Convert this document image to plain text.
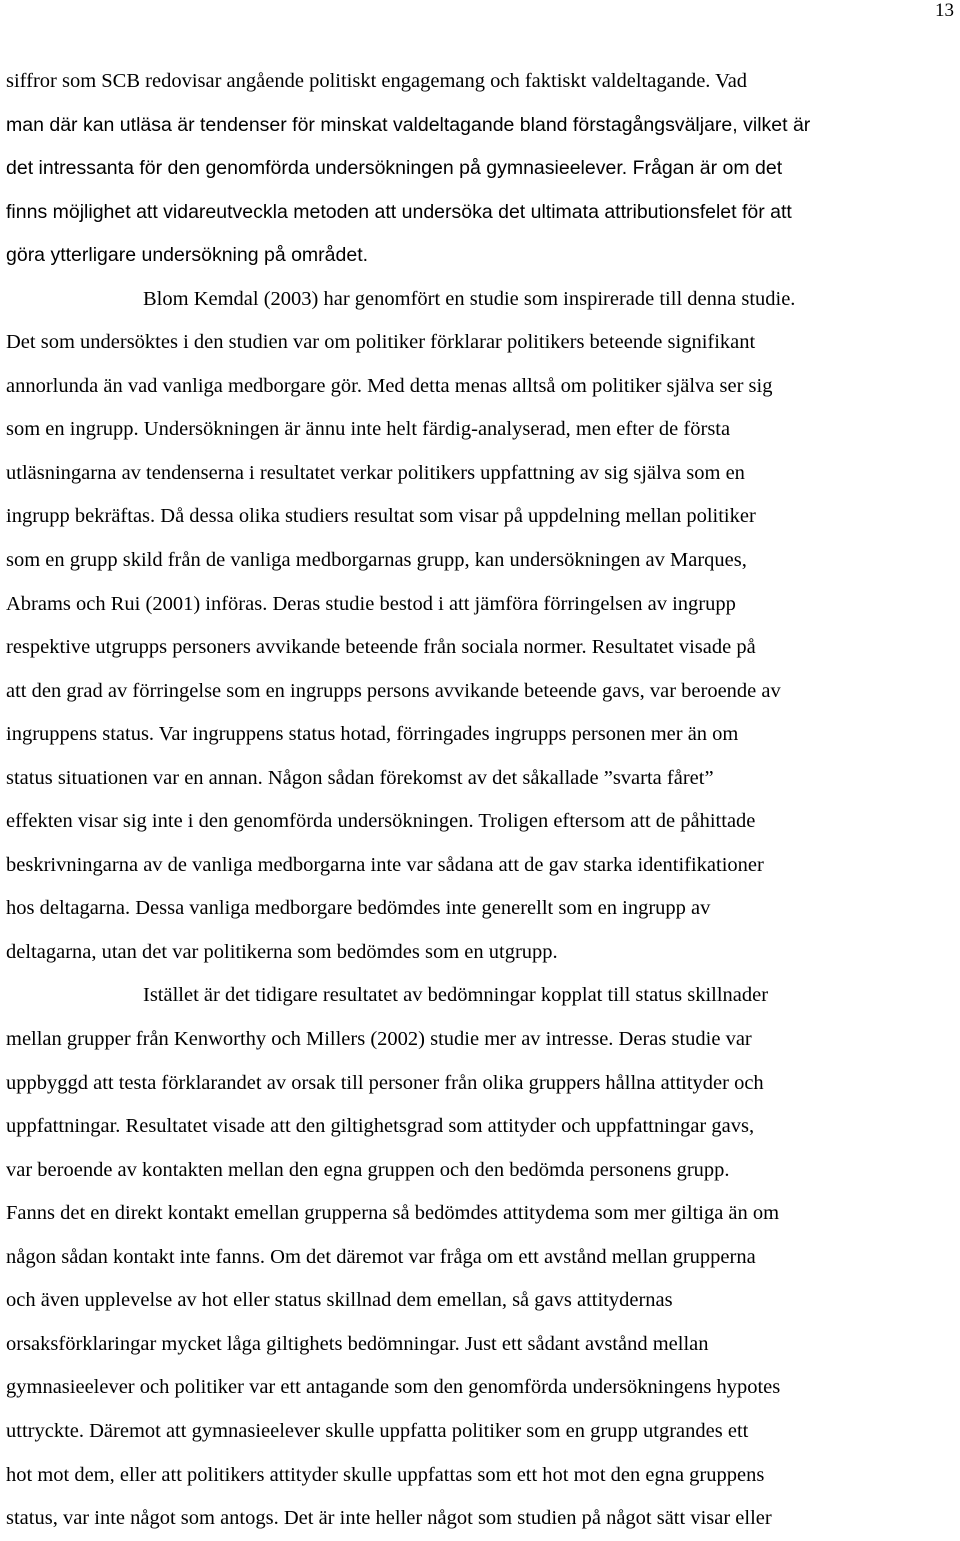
13
siffror som SCB redovisar angående politiskt engagemang och faktiskt valdeltagande. Vad
man där kan utläsa är tendenser för minskat valdeltagande bland förstagångsväljare, vilket är
det intressanta för den genomförda undersökningen på gymnasieelever. Frågan är om det
finns möjlighet att vidareutveckla metoden att undersöka det ultimata attributionsfelet för att
göra ytterligare undersökning på området.
Blom Kemdal (2003) har genomfört en studie som inspirerade till denna studie.
Det som undersöktes i den studien var om politiker förklarar politikers beteende signifikant
annorlunda än vad vanliga medborgare gör. Med detta menas alltså om politiker själva ser sig
som en ingrupp. Undersökningen är ännu inte helt färdig-analyserad, men efter de första
utläsningarna av tendenserna i resultatet verkar politikers uppfattning av sig själva som en
ingrupp bekräftas. Då dessa olika studiers resultat som visar på uppdelning mellan politiker
som en grupp skild från de vanliga medborgarnas grupp, kan undersökningen av Marques,
Abrams och Rui (2001) införas. Deras studie bestod i att jämföra förringelsen av ingrupp
respektive utgrupps personers avvikande beteende från sociala normer. Resultatet visade på
att den grad av förringelse som en ingrupps persons avvikande beteende gavs, var beroende av
ingruppens status. Var ingruppens status hotad, förringades ingrupps personen mer än om
status situationen var en annan. Någon sådan förekomst av det såkallade ”svarta fåret”
effekten visar sig inte i den genomförda undersökningen. Troligen eftersom att de påhittade
beskrivningarna av de vanliga medborgarna inte var sådana att de gav starka identifikationer
hos deltagarna. Dessa vanliga medborgare bedömdes inte generellt som en ingrupp av
deltagarna, utan det var politikerna som bedömdes som en utgrupp.
Istället är det tidigare resultatet av bedömningar kopplat till status skillnader
mellan grupper från Kenworthy och Millers (2002) studie mer av intresse. Deras studie var
uppbyggd att testa förklarandet av orsak till personer från olika gruppers hållna attityder och
uppfattningar. Resultatet visade att den giltighetsgrad som attityder och uppfattningar gavs,
var beroende av kontakten mellan den egna gruppen och den bedömda personens grupp.
Fanns det en direkt kontakt emellan grupperna så bedömdes attitydema som mer giltiga än om
någon sådan kontakt inte fanns. Om det däremot var fråga om ett avstånd mellan grupperna
och även upplevelse av hot eller status skillnad dem emellan, så gavs attitydernas
orsaksförklaringar mycket låga giltighets bedömningar. Just ett sådant avstånd mellan
gymnasieelever och politiker var ett antagande som den genomförda undersökningens hypotes
uttryckte. Däremot att gymnasieelever skulle uppfatta politiker som en grupp utgrandes ett
hot mot dem, eller att politikers attityder skulle uppfattas som ett hot mot den egna gruppens
status, var inte något som antogs. Det är inte heller något som studien på något sätt visar eller
